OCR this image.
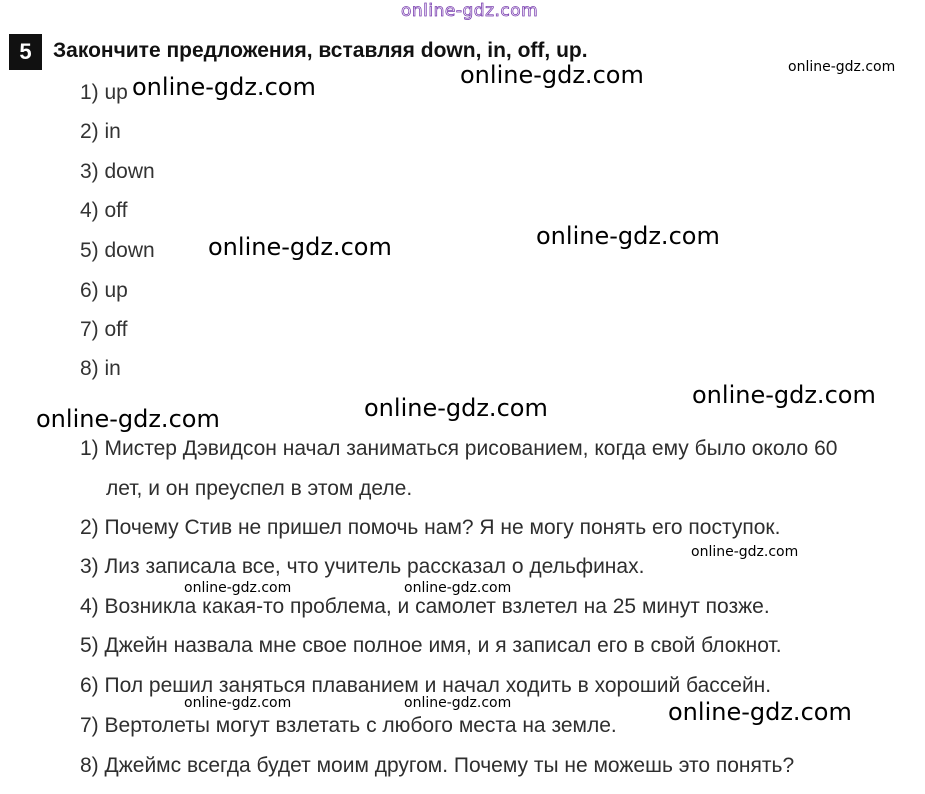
5	Закончите предложения, вставляя down, in, off, up.
1) up
2) in
3) down
4) off
5) down
6) up
7) off
8) in
1) Мистер Дэвидсон начал заниматься рисованием, когда ему было около 60
лет, и он преуспел в этом деле.
2) Почему Стив не пришел помочь нам? Я не могу понять его поступок.
3) Лиз записала все, что учитель рассказал о дельфинах.
4) Возникла какая-то проблема, и самолет взлетел на 25 минут позже.
5) Джейн назвала мне свое полное имя, и я записал его в свой блокнот.
6) Пол решил заняться плаванием и начал ходить в хороший бассейн.
7) Вертолеты могут взлетать с любого места на земле.
8) Джеймс всегда будет моим другом. Почему ты не можешь это понять?
online-gdz.com
online-gdz.com	online-gdz.com	online-gdz.com
online-gdz.com	online-gdz.com
online-gdz.com
online-gdz.com
online-gdz.com
online-gdz.com
online-gdz.com	online-gdz.com
online-gdz.com	online-gdz.com	online-gdz.com
